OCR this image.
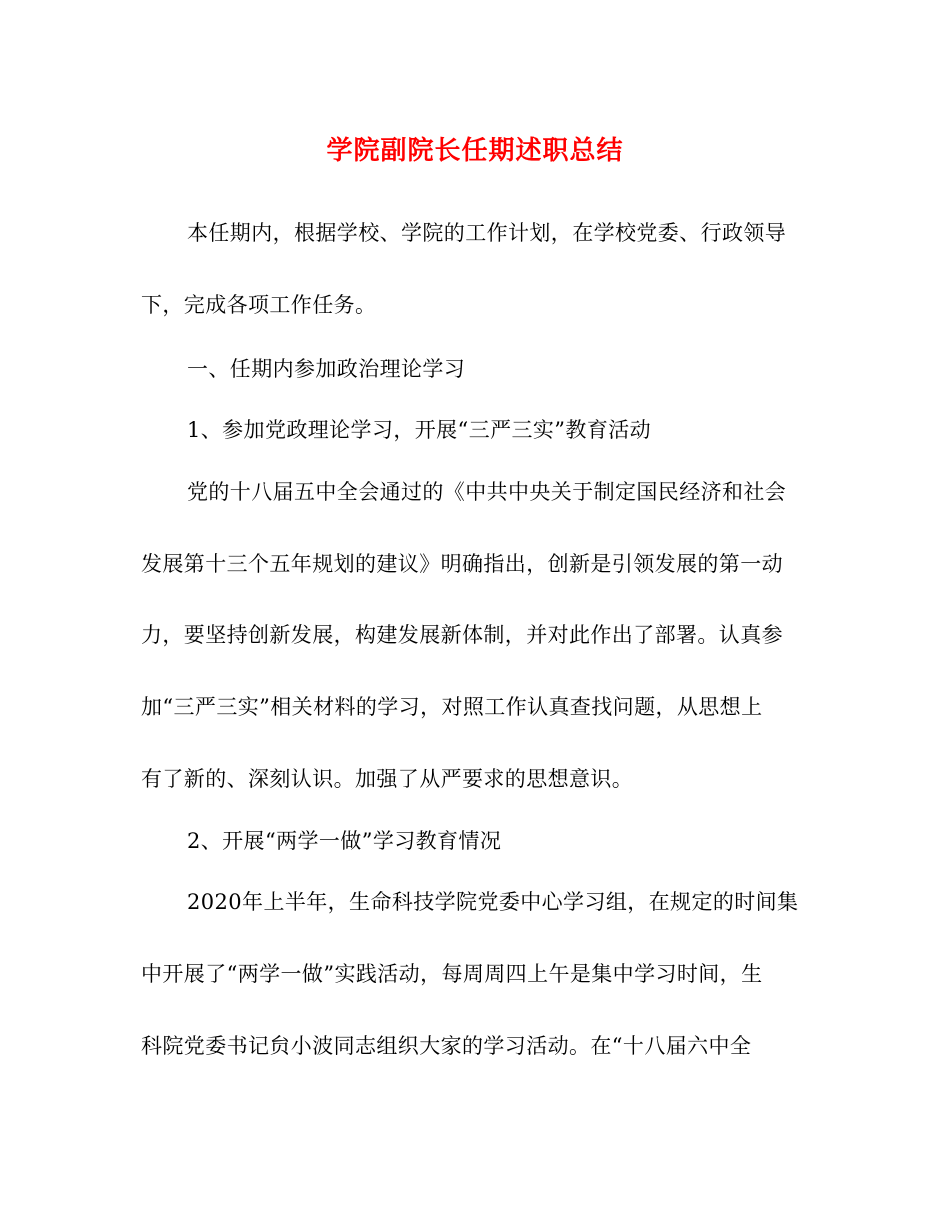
学院副院长任期述职总结
本任期内，根据学校、学院的工作计划，在学校党委、行政领导
下，完成各项工作任务。
一、任期内参加政治理论学习
1、参加党政理论学习，开展“三严三实”教育活动
党的十八届五中全会通过的《中共中央关于制定国民经济和社会
发展第十三个五年规划的建议》明确指出，创新是引领发展的第一动
力，要坚持创新发展，构建发展新体制，并对此作出了部署。认真参
加“三严三实”相关材料的学习，对照工作认真查找问题，从思想上
有了新的、深刻认识。加强了从严要求的思想意识。
2、开展“两学一做”学习教育情况
2020年上半年，生命科技学院党委中心学习组，在规定的时间集
中开展了“两学一做”实践活动，每周周四上午是集中学习时间，生
科院党委书记贠小波同志组织大家的学习活动。在“十八届六中全
